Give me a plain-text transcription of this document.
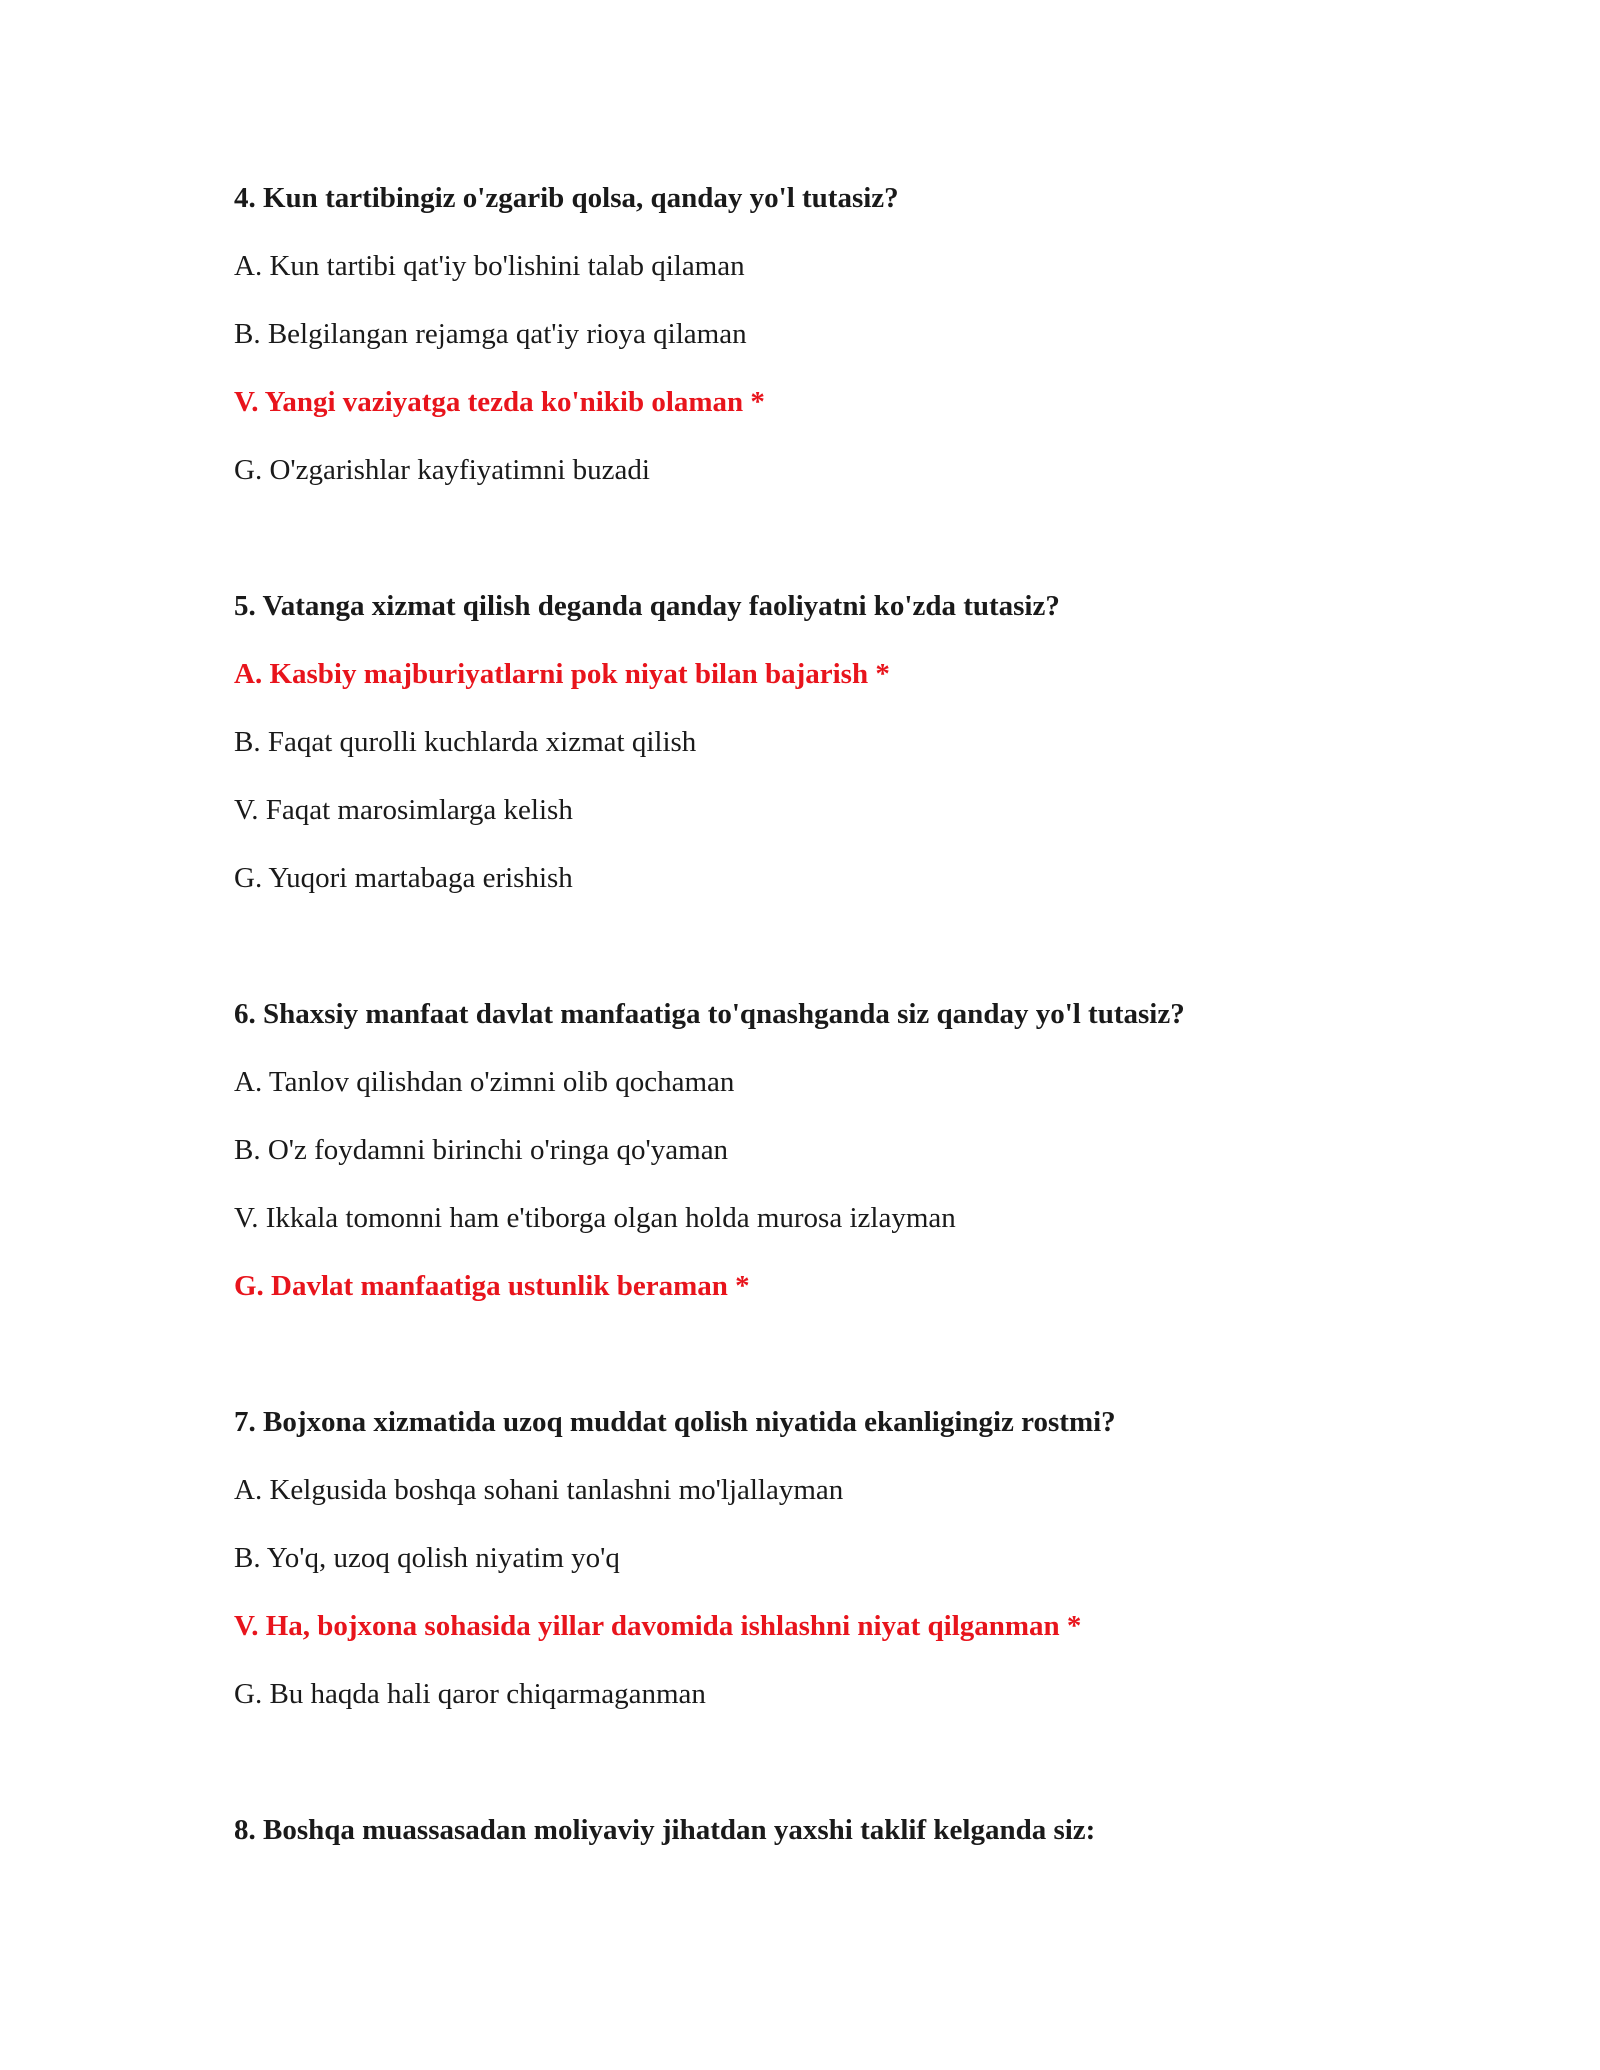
4. Kun tartibingiz o'zgarib qolsa, qanday yo'l tutasiz?
A. Kun tartibi qat'iy bo'lishini talab qilaman
B. Belgilangan rejamga qat'iy rioya qilaman
V. Yangi vaziyatga tezda ko'nikib olaman *
G. O'zgarishlar kayfiyatimni buzadi
5. Vatanga xizmat qilish deganda qanday faoliyatni ko'zda tutasiz?
A. Kasbiy majburiyatlarni pok niyat bilan bajarish *
B. Faqat qurolli kuchlarda xizmat qilish
V. Faqat marosimlarga kelish
G. Yuqori martabaga erishish
6. Shaxsiy manfaat davlat manfaatiga to'qnashganda siz qanday yo'l tutasiz?
A. Tanlov qilishdan o'zimni olib qochaman
B. O'z foydamni birinchi o'ringa qo'yaman
V. Ikkala tomonni ham e'tiborga olgan holda murosa izlayman
G. Davlat manfaatiga ustunlik beraman *
7. Bojxona xizmatida uzoq muddat qolish niyatida ekanligingiz rostmi?
A. Kelgusida boshqa sohani tanlashni mo'ljallayman
B. Yo'q, uzoq qolish niyatim yo'q
V. Ha, bojxona sohasida yillar davomida ishlashni niyat qilganman *
G. Bu haqda hali qaror chiqarmaganman
8. Boshqa muassasadan moliyaviy jihatdan yaxshi taklif kelganda siz:
